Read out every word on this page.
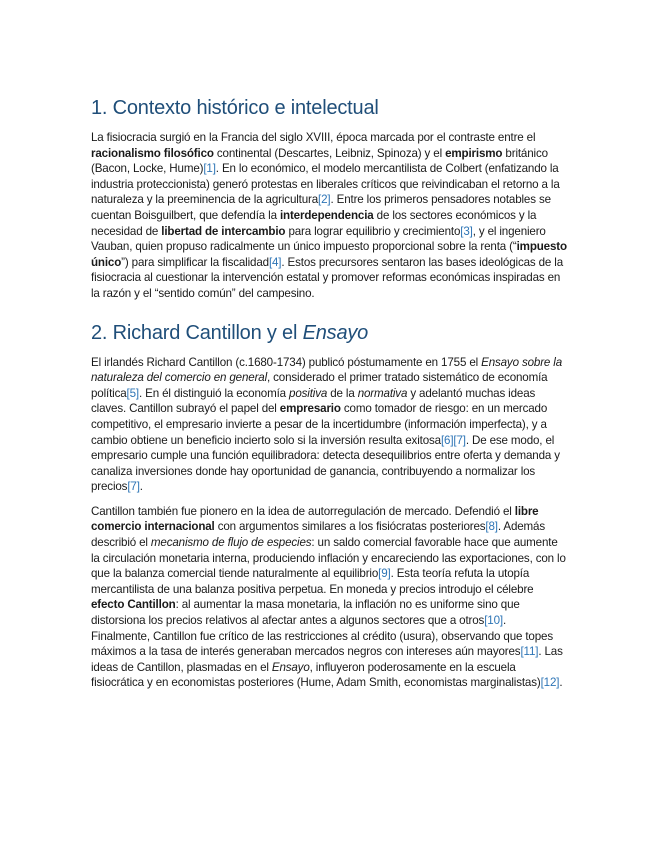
1. Contexto histórico e intelectual

La fisiocracia surgió en la Francia del siglo XVIII, época marcada por el contraste entre el racionalismo filosófico continental (Descartes, Leibniz, Spinoza) y el empirismo británico (Bacon, Locke, Hume)[1]. En lo económico, el modelo mercantilista de Colbert (enfatizando la industria proteccionista) generó protestas en liberales críticos que reivindicaban el retorno a la naturaleza y la preeminencia de la agricultura[2]. Entre los primeros pensadores notables se cuentan Boisguilbert, que defendía la interdependencia de los sectores económicos y la necesidad de libertad de intercambio para lograr equilibrio y crecimiento[3], y el ingeniero Vauban, quien propuso radicalmente un único impuesto proporcional sobre la renta (“impuesto único”) para simplificar la fiscalidad[4]. Estos precursores sentaron las bases ideológicas de la fisiocracia al cuestionar la intervención estatal y promover reformas económicas inspiradas en la razón y el “sentido común” del campesino.

2. Richard Cantillon y el Ensayo

El irlandés Richard Cantillon (c.1680-1734) publicó póstumamente en 1755 el Ensayo sobre la naturaleza del comercio en general, considerado el primer tratado sistemático de economía política[5]. En él distinguió la economía positiva de la normativa y adelantó muchas ideas claves. Cantillon subrayó el papel del empresario como tomador de riesgo: en un mercado competitivo, el empresario invierte a pesar de la incertidumbre (información imperfecta), y a cambio obtiene un beneficio incierto solo si la inversión resulta exitosa[6][7]. De ese modo, el empresario cumple una función equilibradora: detecta desequilibrios entre oferta y demanda y canaliza inversiones donde hay oportunidad de ganancia, contribuyendo a normalizar los precios[7].

Cantillon también fue pionero en la idea de autorregulación de mercado. Defendió el libre comercio internacional con argumentos similares a los fisiócratas posteriores[8]. Además describió el mecanismo de flujo de especies: un saldo comercial favorable hace que aumente la circulación monetaria interna, produciendo inflación y encareciendo las exportaciones, con lo que la balanza comercial tiende naturalmente al equilibrio[9]. Esta teoría refuta la utopía mercantilista de una balanza positiva perpetua. En moneda y precios introdujo el célebre efecto Cantillon: al aumentar la masa monetaria, la inflación no es uniforme sino que distorsiona los precios relativos al afectar antes a algunos sectores que a otros[10]. Finalmente, Cantillon fue crítico de las restricciones al crédito (usura), observando que topes máximos a la tasa de interés generaban mercados negros con intereses aún mayores[11]. Las ideas de Cantillon, plasmadas en el Ensayo, influyeron poderosamente en la escuela fisiocrática y en economistas posteriores (Hume, Adam Smith, economistas marginalistas)[12].
